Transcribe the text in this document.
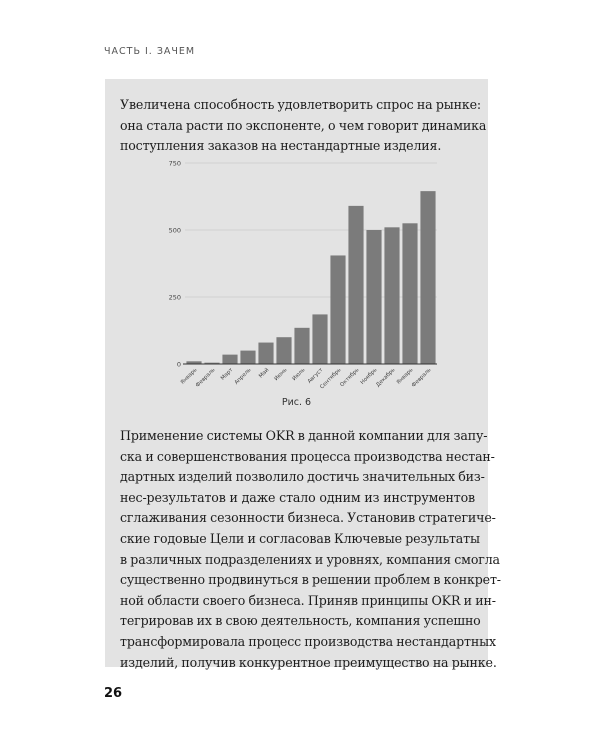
ЧАСТЬ I. ЗАЧЕМ

Увеличена способность удовлетворить спрос на рынке:
она стала расти по экспоненте, о чем говорит динамика
поступления заказов на нестандартные изделия.

0
250
500
750
Январь
Февраль Март Апрель Май Июнь Июль Август
Сентябрь
Октябрь Ноябрь
Декабрь Январь
Февраль
Рис. 6

Применение системы OKR в данной компании для запу-
ска и совершенствования процесса производства нестан-
дартных изделий позволило достичь значительных биз-
нес-результатов и даже стало одним из инструментов
сглаживания сезонности бизнеса. Установив стратегиче-
ские годовые Цели и согласовав Ключевые результаты
в различных подразделениях и уровнях, компания смогла
существенно продвинуться в решении проблем в конкрет-
ной области своего бизнеса. Приняв принципы OKR и ин-
тегрировав их в свою деятельность, компания успешно
трансформировала процесс производства нестандартных
изделий, получив конкурентное преимущество на рынке.

26
